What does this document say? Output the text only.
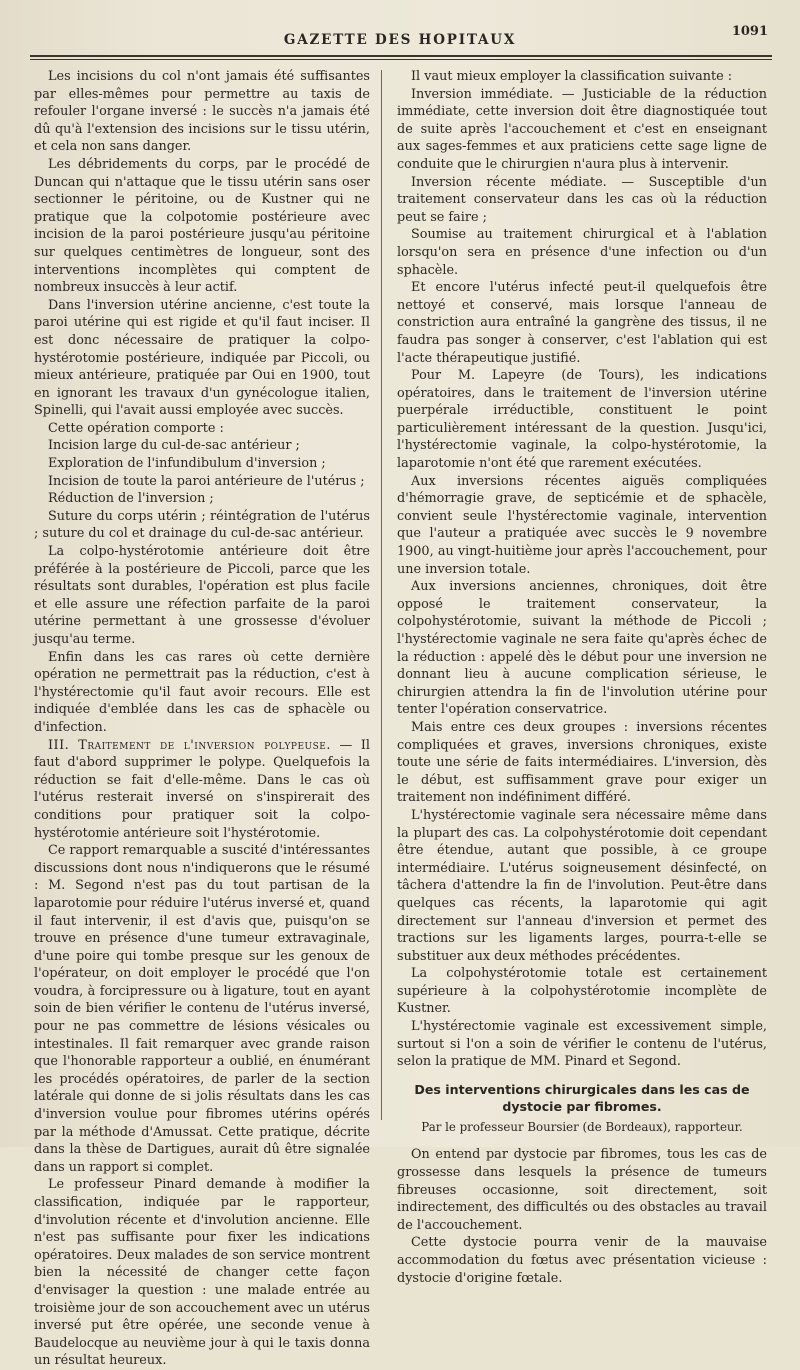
GAZETTE DES HOPITAUX
1091

Les incisions du col n'ont jamais été suffisantes par elles-mêmes pour permettre au taxis de refouler l'organe inversé : le succès n'a jamais été dû qu'à l'extension des incisions sur le tissu utérin, et cela non sans danger.

Les débridements du corps, par le procédé de Duncan qui n'attaque que le tissu utérin sans oser sectionner le péritoine, ou de Kustner qui ne pratique que la colpotomie postérieure avec incision de la paroi postérieure jusqu'au péritoine sur quelques centimètres de longueur, sont des interventions incomplètes qui comptent de nombreux insuccès à leur actif.

Dans l'inversion utérine ancienne, c'est toute la paroi utérine qui est rigide et qu'il faut inciser. Il est donc nécessaire de pratiquer la colpo-hystérotomie postérieure, indiquée par Piccoli, ou mieux antérieure, pratiquée par Oui en 1900, tout en ignorant les travaux d'un gynécologue italien, Spinelli, qui l'avait aussi employée avec succès.

Cette opération comporte :

Incision large du cul-de-sac antérieur ;

Exploration de l'infundibulum d'inversion ;

Incision de toute la paroi antérieure de l'utérus ;

Réduction de l'inversion ;

Suture du corps utérin ; réintégration de l'utérus ; suture du col et drainage du cul-de-sac antérieur.

La colpo-hystérotomie antérieure doit être préférée à la postérieure de Piccoli, parce que les résultats sont durables, l'opération est plus facile et elle assure une réfection parfaite de la paroi utérine permettant à une grossesse d'évoluer jusqu'au terme.

Enfin dans les cas rares où cette dernière opération ne permettrait pas la réduction, c'est à l'hystérectomie qu'il faut avoir recours. Elle est indiquée d'emblée dans les cas de sphacèle ou d'infection.

III. Traitement de l'inversion polypeuse. — Il faut d'abord supprimer le polype. Quelquefois la réduction se fait d'elle-même. Dans le cas où l'utérus resterait inversé on s'inspirerait des conditions pour pratiquer soit la colpo-hystérotomie antérieure soit l'hystérotomie.

Ce rapport remarquable a suscité d'intéressantes discussions dont nous n'indiquerons que le résumé : M. Segond n'est pas du tout partisan de la laparotomie pour réduire l'utérus inversé et, quand il faut intervenir, il est d'avis que, puisqu'on se trouve en présence d'une tumeur extravaginale, d'une poire qui tombe presque sur les genoux de l'opérateur, on doit employer le procédé que l'on voudra, à forcipressure ou à ligature, tout en ayant soin de bien vérifier le contenu de l'utérus inversé, pour ne pas commettre de lésions vésicales ou intestinales. Il fait remarquer avec grande raison que l'honorable rapporteur a oublié, en énumérant les procédés opératoires, de parler de la section latérale qui donne de si jolis résultats dans les cas d'inversion voulue pour fibromes utérins opérés par la méthode d'Amussat. Cette pratique, décrite dans la thèse de Dartigues, aurait dû être signalée dans un rapport si complet.

Le professeur Pinard demande à modifier la classification, indiquée par le rapporteur, d'involution récente et d'involution ancienne. Elle n'est pas suffisante pour fixer les indications opératoires. Deux malades de son service montrent bien la nécessité de changer cette façon d'envisager la question : une malade entrée au troisième jour de son accouchement avec un utérus inversé put être opérée, une seconde venue à Baudelocque au neuvième jour à qui le taxis donna un résultat heureux.

Il vaut mieux employer la classification suivante :

Inversion immédiate. — Justiciable de la réduction immédiate, cette inversion doit être diagnostiquée tout de suite après l'accouchement et c'est en enseignant aux sages-femmes et aux praticiens cette sage ligne de conduite que le chirurgien n'aura plus à intervenir.

Inversion récente médiate. — Susceptible d'un traitement conservateur dans les cas où la réduction peut se faire ;

Soumise au traitement chirurgical et à l'ablation lorsqu'on sera en présence d'une infection ou d'un sphacèle.

Et encore l'utérus infecté peut-il quelquefois être nettoyé et conservé, mais lorsque l'anneau de constriction aura entraîné la gangrène des tissus, il ne faudra pas songer à conserver, c'est l'ablation qui est l'acte thérapeutique justifié.

Pour M. Lapeyre (de Tours), les indications opératoires, dans le traitement de l'inversion utérine puerpérale irréductible, constituent le point particulièrement intéressant de la question. Jusqu'ici, l'hystérectomie vaginale, la colpo-hystérotomie, la laparotomie n'ont été que rarement exécutées.

Aux inversions récentes aiguës compliquées d'hémorragie grave, de septicémie et de sphacèle, convient seule l'hystérectomie vaginale, intervention que l'auteur a pratiquée avec succès le 9 novembre 1900, au vingt-huitième jour après l'accouchement, pour une inversion totale.

Aux inversions anciennes, chroniques, doit être opposé le traitement conservateur, la colpohystérotomie, suivant la méthode de Piccoli ; l'hystérectomie vaginale ne sera faite qu'après échec de la réduction : appelé dès le début pour une inversion ne donnant lieu à aucune complication sérieuse, le chirurgien attendra la fin de l'involution utérine pour tenter l'opération conservatrice.

Mais entre ces deux groupes : inversions récentes compliquées et graves, inversions chroniques, existe toute une série de faits intermédiaires. L'inversion, dès le début, est suffisamment grave pour exiger un traitement non indéfiniment différé.

L'hystérectomie vaginale sera nécessaire même dans la plupart des cas. La colpohystérotomie doit cependant être étendue, autant que possible, à ce groupe intermédiaire. L'utérus soigneusement désinfecté, on tâchera d'attendre la fin de l'involution. Peut-être dans quelques cas récents, la laparotomie qui agit directement sur l'anneau d'inversion et permet des tractions sur les ligaments larges, pourra-t-elle se substituer aux deux méthodes précédentes.

La colpohystérotomie totale est certainement supérieure à la colpohystérotomie incomplète de Kustner.

L'hystérectomie vaginale est excessivement simple, surtout si l'on a soin de vérifier le contenu de l'utérus, selon la pratique de MM. Pinard et Segond.

Des interventions chirurgicales dans les cas de dystocie par fibromes.
Par le professeur Boursier (de Bordeaux), rapporteur.

On entend par dystocie par fibromes, tous les cas de grossesse dans lesquels la présence de tumeurs fibreuses occasionne, soit directement, soit indirectement, des difficultés ou des obstacles au travail de l'accouchement.

Cette dystocie pourra venir de la mauvaise accommodation du fœtus avec présentation vicieuse : dystocie d'origine fœtale.
